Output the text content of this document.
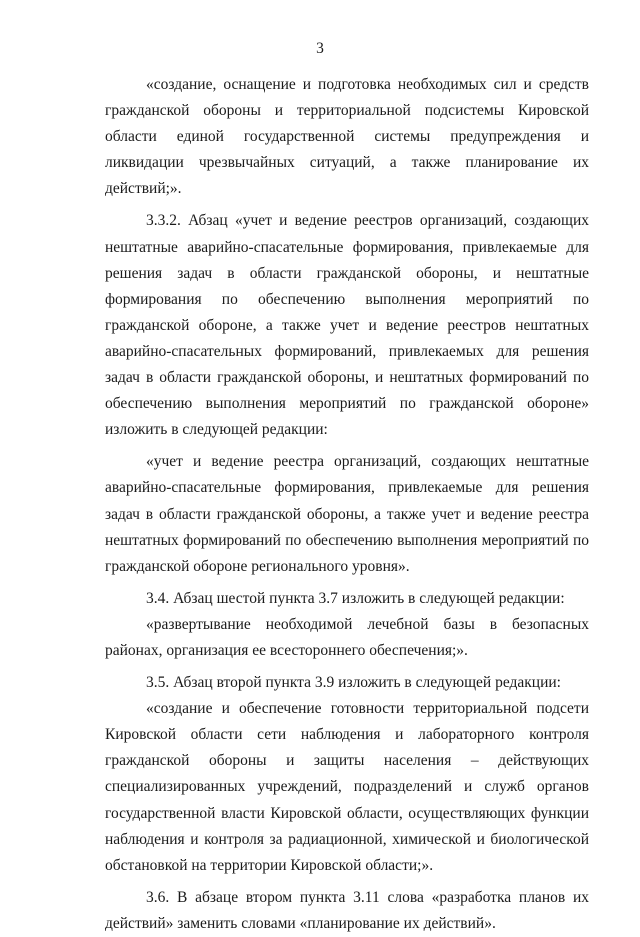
3

«создание, оснащение и подготовка необходимых сил и средств гражданской обороны и территориальной подсистемы Кировской области единой государственной системы предупреждения и ликвидации чрезвычайных ситуаций, а также планирование их действий;».

3.3.2. Абзац «учет и ведение реестров организаций, создающих нештатные аварийно-спасательные формирования, привлекаемые для решения задач в области гражданской обороны, и нештатные формирования по обеспечению выполнения мероприятий по гражданской обороне, а также учет и ведение реестров нештатных аварийно-спасательных формирований, привлекаемых для решения задач в области гражданской обороны, и нештатных формирований по обеспечению выполнения мероприятий по гражданской обороне» изложить в следующей редакции:

«учет и ведение реестра организаций, создающих нештатные аварийно-спасательные формирования, привлекаемые для решения задач в области гражданской обороны, а также учет и ведение реестра нештатных формирований по обеспечению выполнения мероприятий по гражданской обороне регионального уровня».

3.4. Абзац шестой пункта 3.7 изложить в следующей редакции:

«развертывание необходимой лечебной базы в безопасных районах, организация ее всестороннего обеспечения;».

3.5. Абзац второй пункта 3.9 изложить в следующей редакции:

«создание и обеспечение готовности территориальной подсети Кировской области сети наблюдения и лабораторного контроля гражданской обороны и защиты населения – действующих специализированных учреждений, подразделений и служб органов государственной власти Кировской области, осуществляющих функции наблюдения и контроля за радиационной, химической и биологической обстановкой на территории Кировской области;».

3.6. В абзаце втором пункта 3.11 слова «разработка планов их действий» заменить словами «планирование их действий».
